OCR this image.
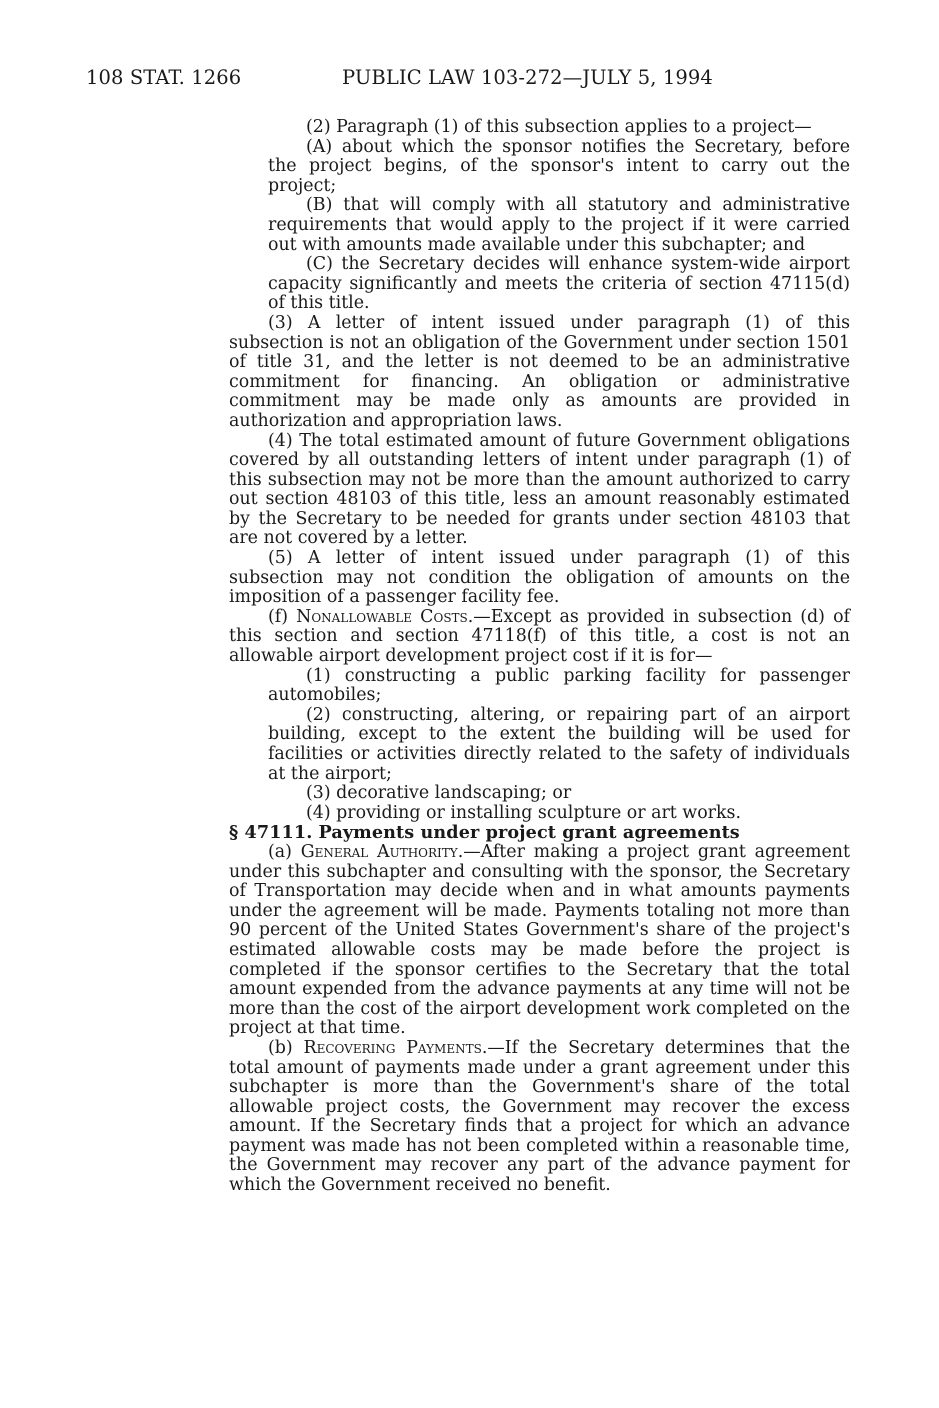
108 STAT. 1266	PUBLIC LAW 103-272—JULY 5, 1994

(2) Paragraph (1) of this subsection applies to a project—

(A) about which the sponsor notifies the Secretary, before the project begins, of the sponsor's intent to carry out the project;

(B) that will comply with all statutory and administrative requirements that would apply to the project if it were carried out with amounts made available under this subchapter; and

(C) the Secretary decides will enhance system-wide airport capacity significantly and meets the criteria of section 47115(d) of this title.

(3) A letter of intent issued under paragraph (1) of this subsection is not an obligation of the Government under section 1501 of title 31, and the letter is not deemed to be an administrative commitment for financing. An obligation or administrative commitment may be made only as amounts are provided in authorization and appropriation laws.

(4) The total estimated amount of future Government obligations covered by all outstanding letters of intent under paragraph (1) of this subsection may not be more than the amount authorized to carry out section 48103 of this title, less an amount reasonably estimated by the Secretary to be needed for grants under section 48103 that are not covered by a letter.

(5) A letter of intent issued under paragraph (1) of this subsection may not condition the obligation of amounts on the imposition of a passenger facility fee.

(f) Nonallowable Costs.—Except as provided in subsection (d) of this section and section 47118(f) of this title, a cost is not an allowable airport development project cost if it is for—

(1) constructing a public parking facility for passenger automobiles;

(2) constructing, altering, or repairing part of an airport building, except to the extent the building will be used for facilities or activities directly related to the safety of individuals at the airport;

(3) decorative landscaping; or

(4) providing or installing sculpture or art works.

§ 47111. Payments under project grant agreements

(a) General Authority.—After making a project grant agreement under this subchapter and consulting with the sponsor, the Secretary of Transportation may decide when and in what amounts payments under the agreement will be made. Payments totaling not more than 90 percent of the United States Government's share of the project's estimated allowable costs may be made before the project is completed if the sponsor certifies to the Secretary that the total amount expended from the advance payments at any time will not be more than the cost of the airport development work completed on the project at that time.

(b) Recovering Payments.—If the Secretary determines that the total amount of payments made under a grant agreement under this subchapter is more than the Government's share of the total allowable project costs, the Government may recover the excess amount. If the Secretary finds that a project for which an advance payment was made has not been completed within a reasonable time, the Government may recover any part of the advance payment for which the Government received no benefit.
